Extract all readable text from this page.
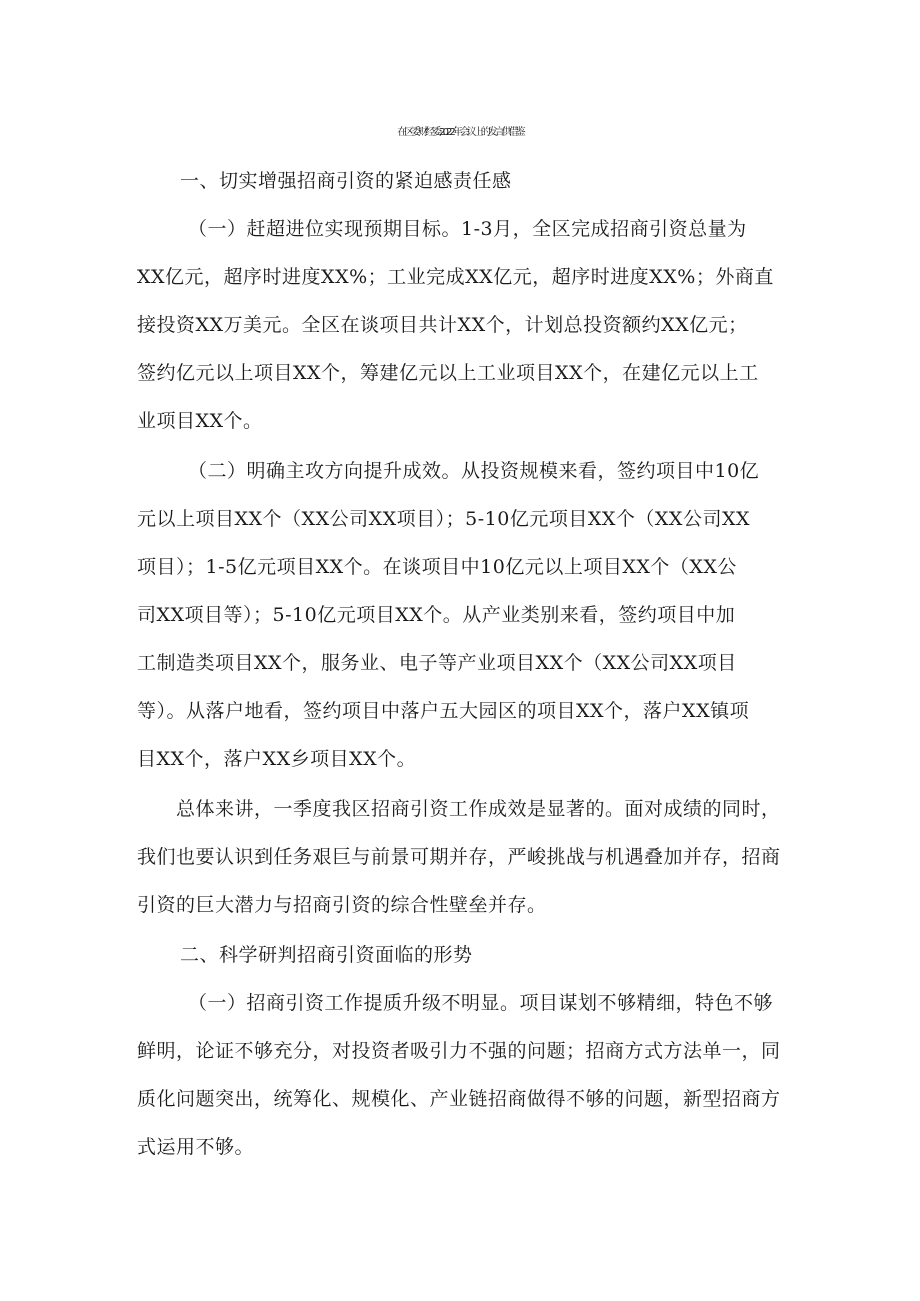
在区委财经委2022年会议上的发言供借鉴
一、切实增强招商引资的紧迫感责任感
（一）赶超进位实现预期目标。1-3月，全区完成招商引资总量为
XX亿元，超序时进度XX%；工业完成XX亿元，超序时进度XX%；外商直
接投资XX万美元。全区在谈项目共计XX个，计划总投资额约XX亿元；
签约亿元以上项目XX个，筹建亿元以上工业项目XX个，在建亿元以上工
业项目XX个。
（二）明确主攻方向提升成效。从投资规模来看，签约项目中10亿
元以上项目XX个（XX公司XX项目）；5-10亿元项目XX个（XX公司XX
项目）；1-5亿元项目XX个。在谈项目中10亿元以上项目XX个（XX公
司XX项目等）；5-10亿元项目XX个。从产业类别来看，签约项目中加
工制造类项目XX个，服务业、电子等产业项目XX个（XX公司XX项目
等）。从落户地看，签约项目中落户五大园区的项目XX个，落户XX镇项
目XX个，落户XX乡项目XX个。
总体来讲，一季度我区招商引资工作成效是显著的。面对成绩的同时，
我们也要认识到任务艰巨与前景可期并存，严峻挑战与机遇叠加并存，招商
引资的巨大潜力与招商引资的综合性壁垒并存。
二、科学研判招商引资面临的形势
（一）招商引资工作提质升级不明显。项目谋划不够精细，特色不够
鲜明，论证不够充分，对投资者吸引力不强的问题；招商方式方法单一，同
质化问题突出，统筹化、规模化、产业链招商做得不够的问题，新型招商方
式运用不够。
